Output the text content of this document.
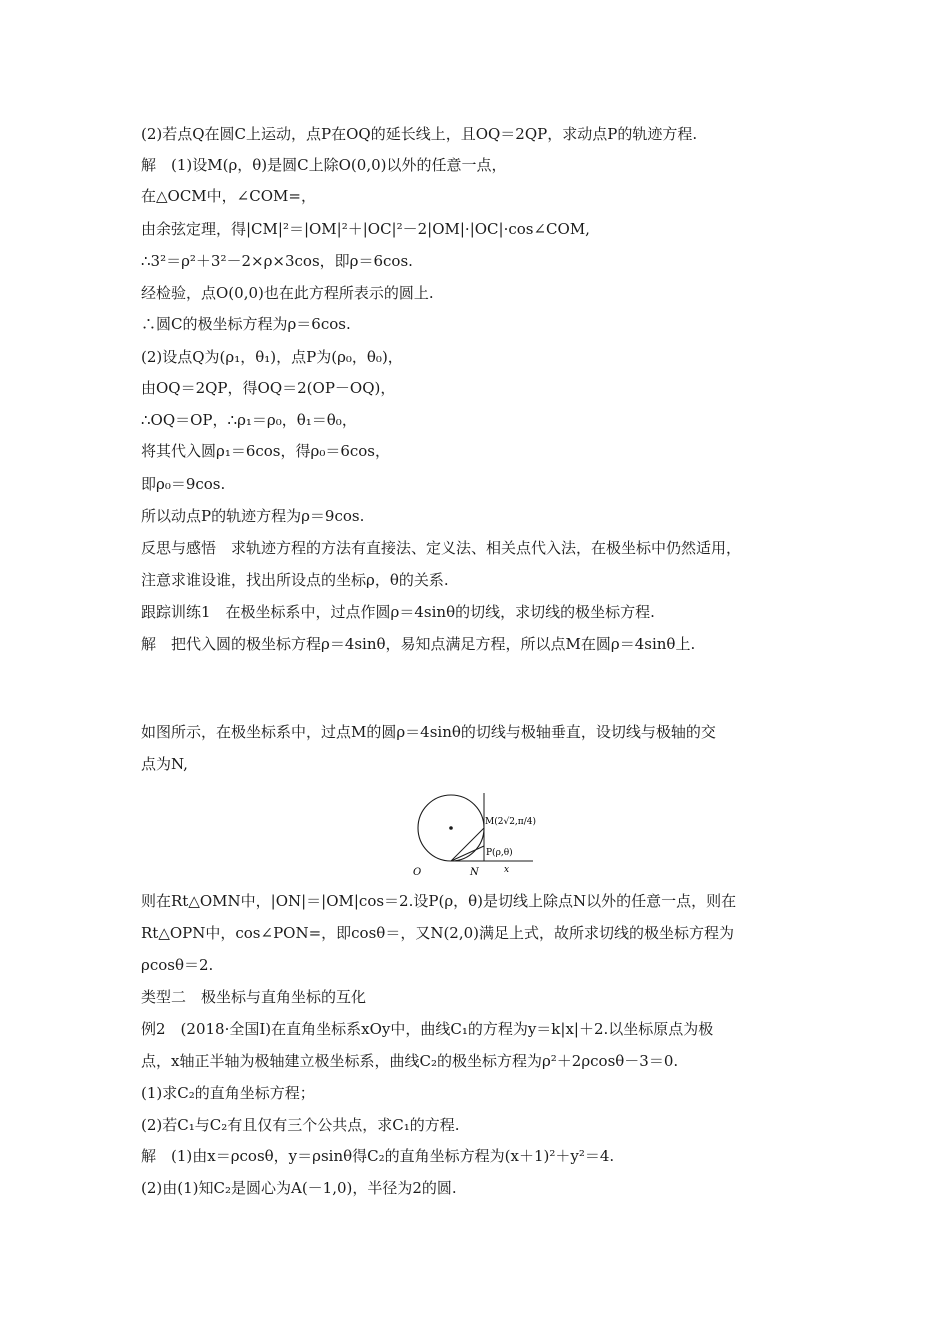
(2)若点Q在圆C上运动，点P在OQ的延长线上，且OQ＝2QP，求动点P的轨迹方程.
解　(1)设M(ρ，θ)是圆C上除O(0,0)以外的任意一点，
在△OCM中，∠COM=，
由余弦定理，得|CM|²＝|OM|²＋|OC|²－2|OM|·|OC|·cos∠COM,
∴3²＝ρ²＋3²－2×ρ×3cos，即ρ＝6cos.
经检验，点O(0,0)也在此方程所表示的圆上.
∴圆C的极坐标方程为ρ＝6cos.
(2)设点Q为(ρ₁，θ₁)，点P为(ρ₀，θ₀)，
由OQ＝2QP，得OQ＝2(OP－OQ)，
∴OQ＝OP，∴ρ₁＝ρ₀，θ₁＝θ₀，
将其代入圆ρ₁＝6cos，得ρ₀＝6cos，
即ρ₀＝9cos.
所以动点P的轨迹方程为ρ＝9cos.
反思与感悟　求轨迹方程的方法有直接法、定义法、相关点代入法，在极坐标中仍然适用，
注意求谁设谁，找出所设点的坐标ρ，θ的关系.
跟踪训练1　在极坐标系中，过点作圆ρ＝4sinθ的切线，求切线的极坐标方程.
解　把代入圆的极坐标方程ρ＝4sinθ，易知点满足方程，所以点M在圆ρ＝4sinθ上.
如图所示，在极坐标系中，过点M的圆ρ＝4sinθ的切线与极轴垂直，设切线与极轴的交
点为N,
M(2√2,π/4)
P(ρ,θ)
O	N	x
则在Rt△OMN中，|ON|＝|OM|cos＝2.设P(ρ，θ)是切线上除点N以外的任意一点，则在
Rt△OPN中，cos∠PON=，即cosθ＝，又N(2,0)满足上式，故所求切线的极坐标方程为
ρcosθ＝2.
类型二　极坐标与直角坐标的互化
例2　(2018·全国Ⅰ)在直角坐标系xOy中，曲线C₁的方程为y＝k|x|＋2.以坐标原点为极
点，x轴正半轴为极轴建立极坐标系，曲线C₂的极坐标方程为ρ²＋2ρcosθ－3＝0.
(1)求C₂的直角坐标方程；
(2)若C₁与C₂有且仅有三个公共点，求C₁的方程.
解　(1)由x＝ρcosθ，y＝ρsinθ得C₂的直角坐标方程为(x＋1)²＋y²＝4.
(2)由(1)知C₂是圆心为A(－1,0)，半径为2的圆.
